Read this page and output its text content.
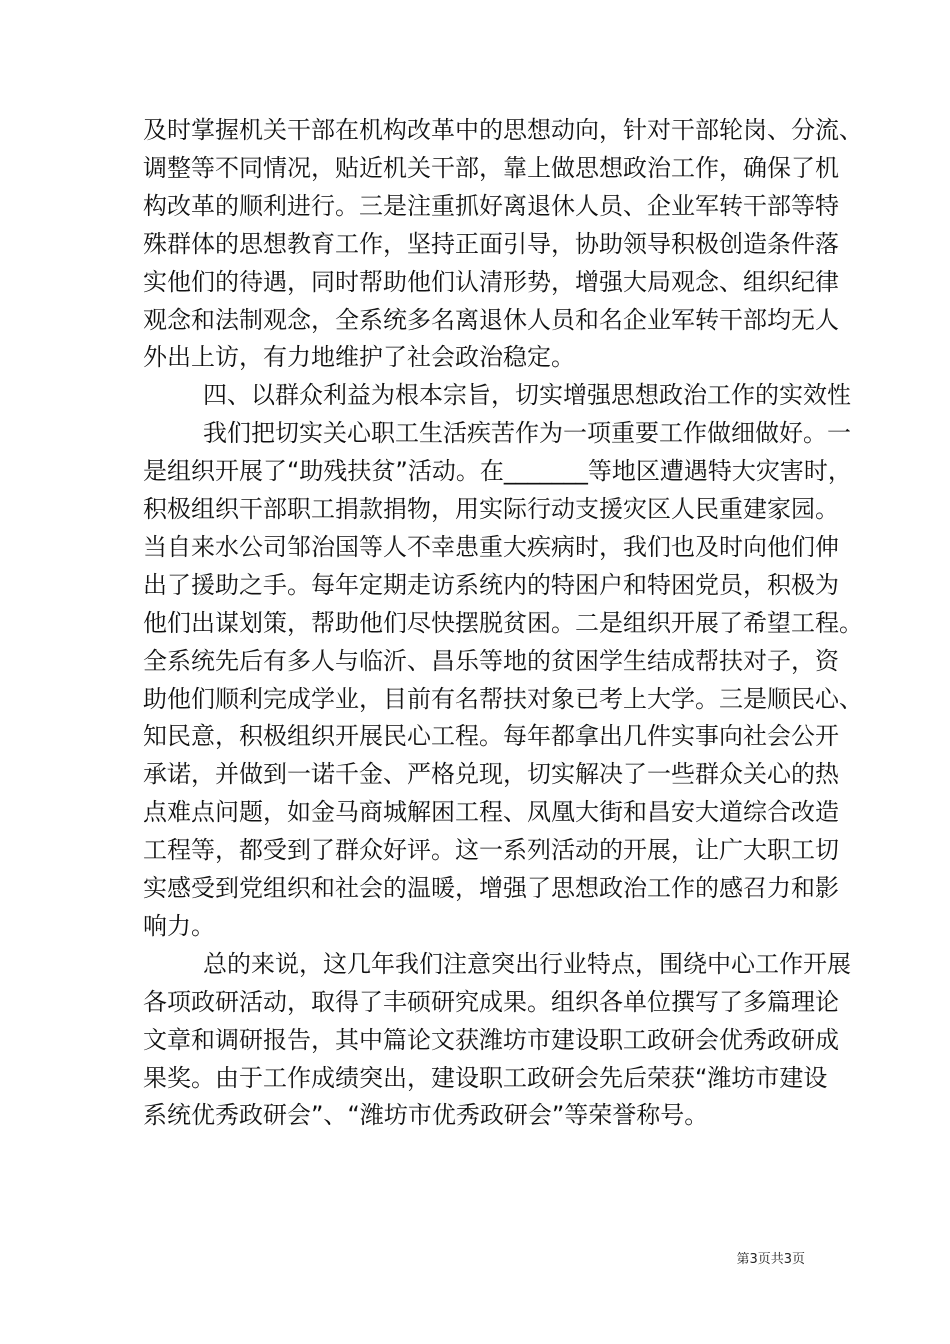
及时掌握机关干部在机构改革中的思想动向，针对干部轮岗、分流、
调整等不同情况，贴近机关干部，靠上做思想政治工作，确保了机
构改革的顺利进行。三是注重抓好离退休人员、企业军转干部等特
殊群体的思想教育工作，坚持正面引导，协助领导积极创造条件落
实他们的待遇，同时帮助他们认清形势，增强大局观念、组织纪律
观念和法制观念，全系统多名离退休人员和名企业军转干部均无人
外出上访，有力地维护了社会政治稳定。
四、以群众利益为根本宗旨，切实增强思想政治工作的实效性
我们把切实关心职工生活疾苦作为一项重要工作做细做好。一
是组织开展了“助残扶贫”活动。在_______等地区遭遇特大灾害时，
积极组织干部职工捐款捐物，用实际行动支援灾区人民重建家园。
当自来水公司邹治国等人不幸患重大疾病时，我们也及时向他们伸
出了援助之手。每年定期走访系统内的特困户和特困党员，积极为
他们出谋划策，帮助他们尽快摆脱贫困。二是组织开展了希望工程。
全系统先后有多人与临沂、昌乐等地的贫困学生结成帮扶对子，资
助他们顺利完成学业，目前有名帮扶对象已考上大学。三是顺民心、
知民意，积极组织开展民心工程。每年都拿出几件实事向社会公开
承诺，并做到一诺千金、严格兑现，切实解决了一些群众关心的热
点难点问题，如金马商城解困工程、凤凰大街和昌安大道综合改造
工程等，都受到了群众好评。这一系列活动的开展，让广大职工切
实感受到党组织和社会的温暖，增强了思想政治工作的感召力和影
响力。
总的来说，这几年我们注意突出行业特点，围绕中心工作开展
各项政研活动，取得了丰硕研究成果。组织各单位撰写了多篇理论
文章和调研报告，其中篇论文获潍坊市建设职工政研会优秀政研成
果奖。由于工作成绩突出，建设职工政研会先后荣获“潍坊市建设
系统优秀政研会”、“潍坊市优秀政研会”等荣誉称号。
第3页共3页
